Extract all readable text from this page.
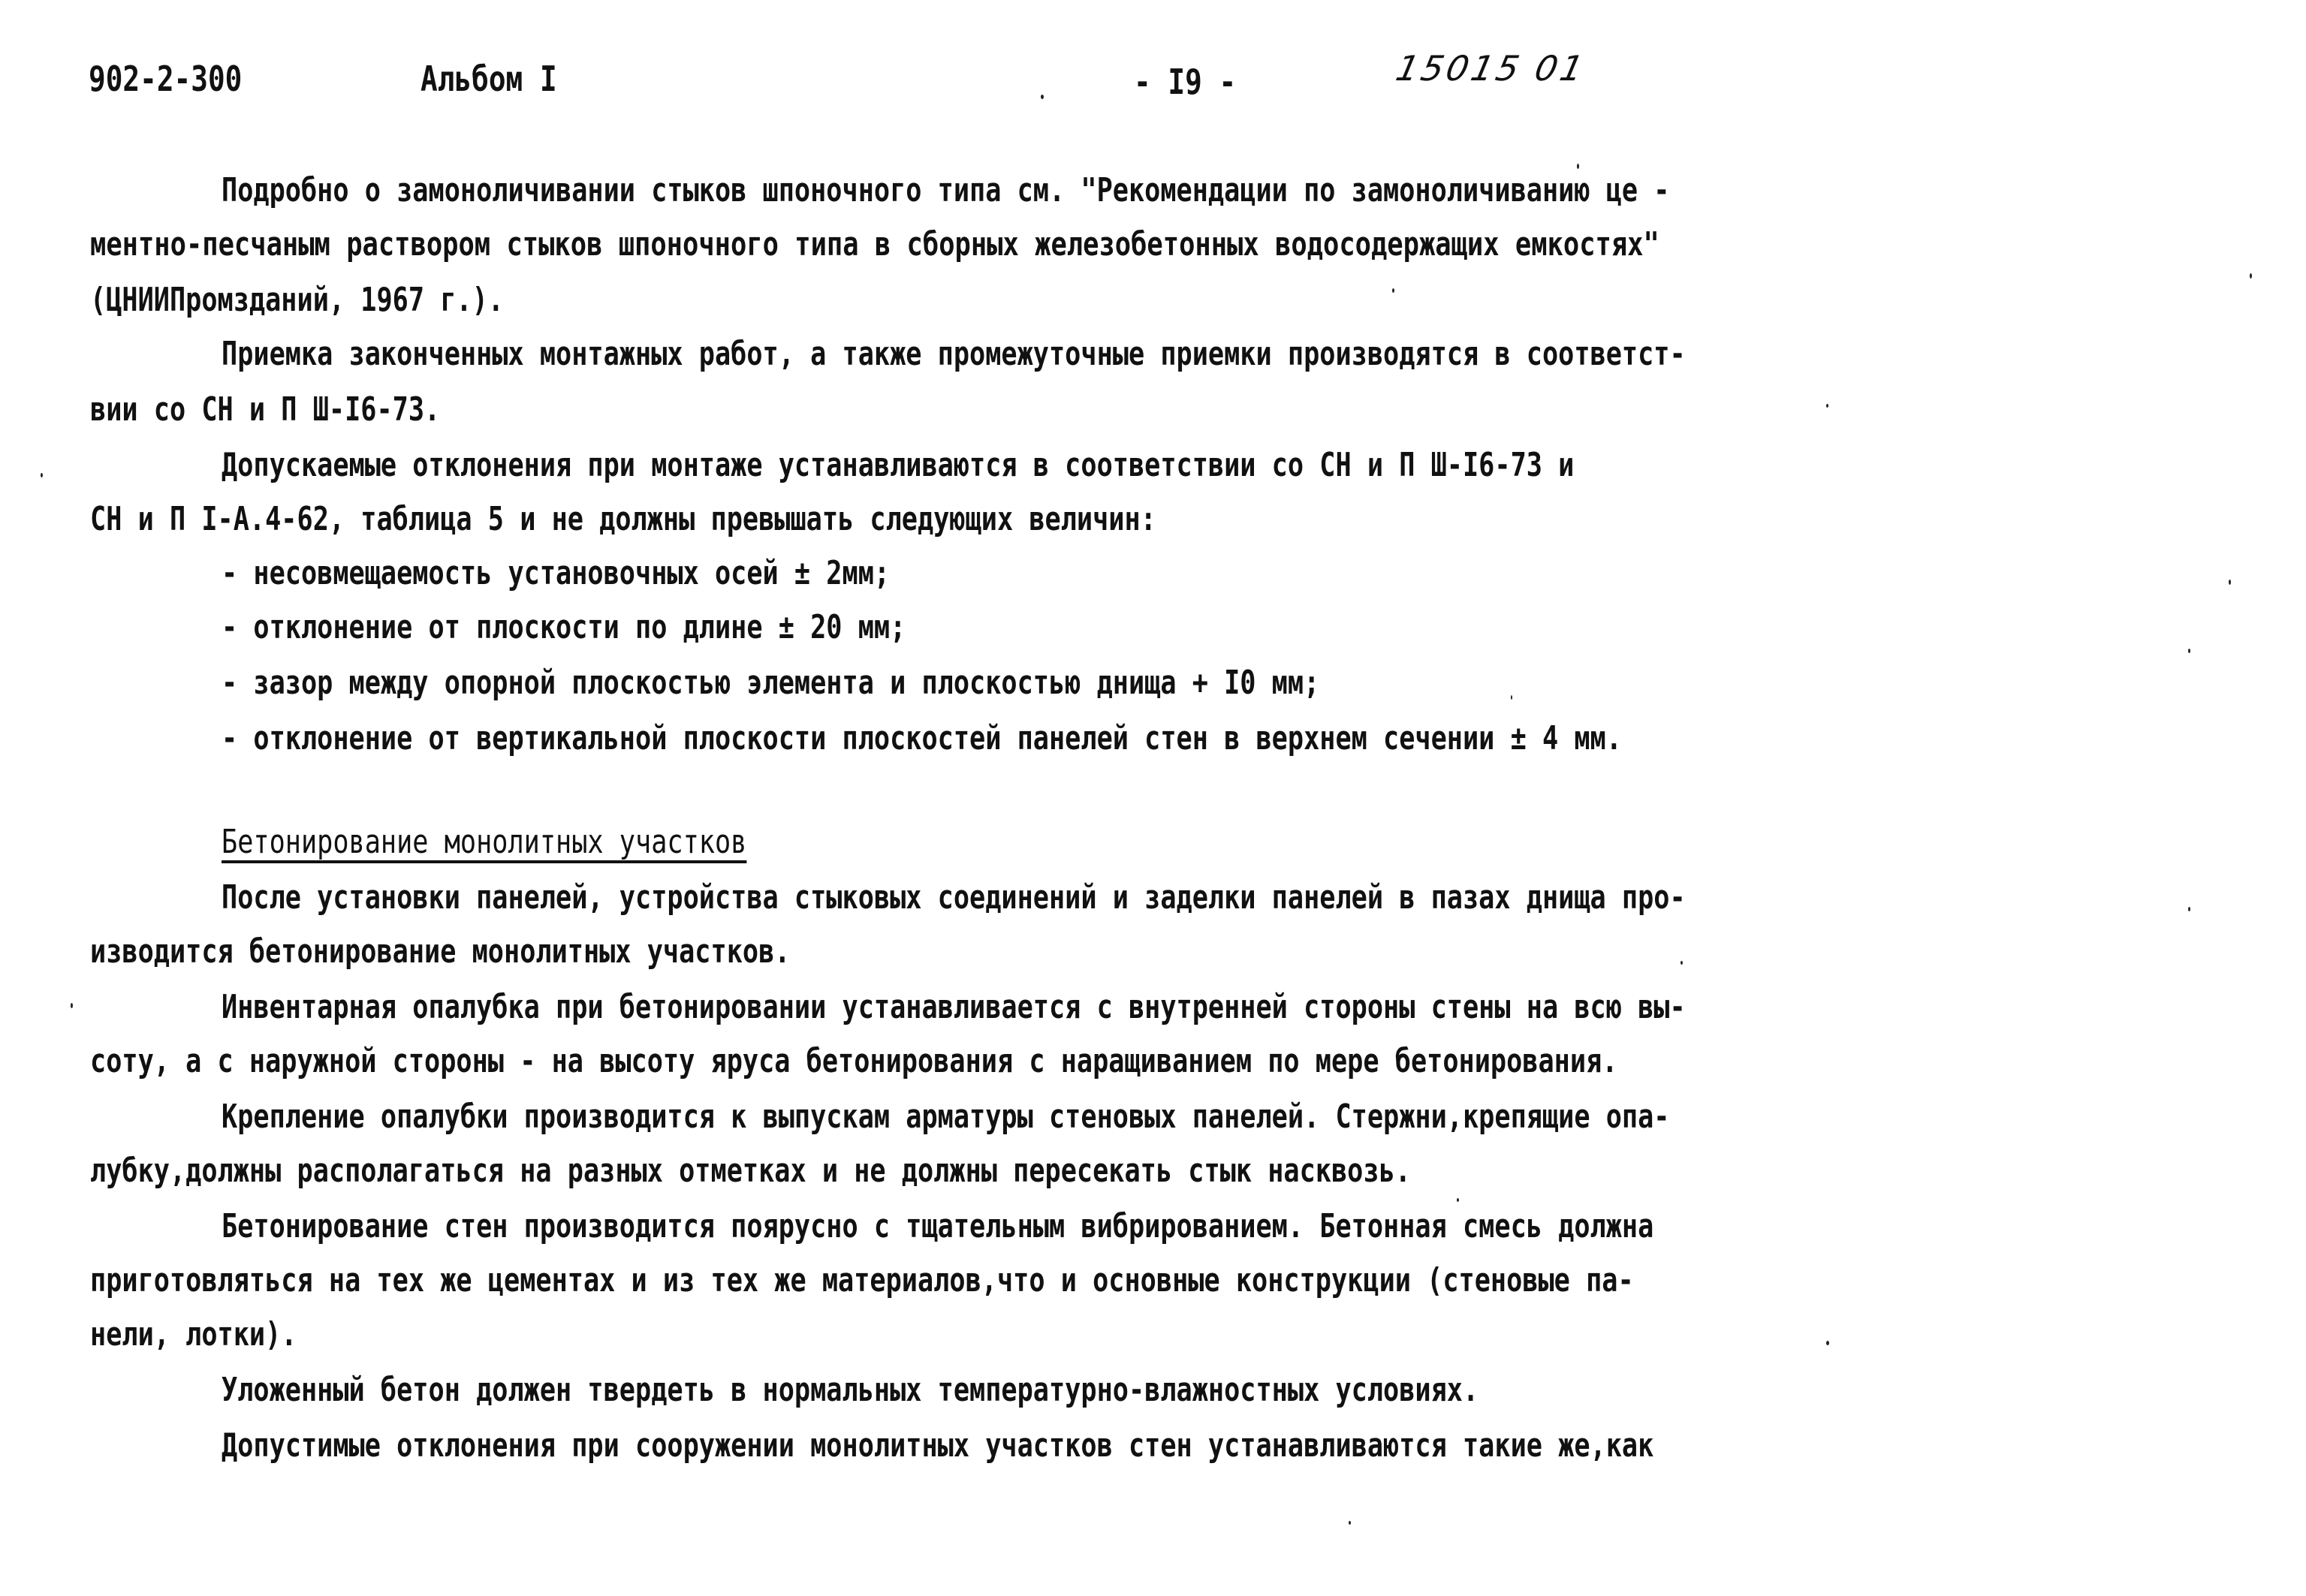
902-2-300	Альбом I	- I9 -	15015 01
Подробно о замоноличивании стыков шпоночного типа см. "Рекомендации по замоноличиванию це -
ментно-песчаным раствором стыков шпоночного типа в сборных железобетонных водосодержащих емкостях"
(ЦНИИПромзданий, 1967 г.).
Приемка законченных монтажных работ, а также промежуточные приемки производятся в соответст-
вии со СН и П Ш-I6-73.
Допускаемые отклонения при монтаже устанавливаются в соответствии со СН и П Ш-I6-73 и
СН и П I-А.4-62, таблица 5 и не должны превышать следующих величин:
- несовмещаемость установочных осей ± 2мм;
- отклонение от плоскости по длине ± 20 мм;
- зазор между опорной плоскостью элемента и плоскостью днища + I0 мм;
- отклонение от вертикальной плоскости плоскостей панелей стен в верхнем сечении ± 4 мм.
Бетонирование монолитных участков
После установки панелей, устройства стыковых соединений и заделки панелей в пазах днища про-
изводится бетонирование монолитных участков.
Инвентарная опалубка при бетонировании устанавливается с внутренней стороны стены на всю вы-
соту, а с наружной стороны - на высоту яруса бетонирования с наращиванием по мере бетонирования.
Крепление опалубки производится к выпускам арматуры стеновых панелей. Стержни,крепящие опа-
лубку,должны располагаться на разных отметках и не должны пересекать стык насквозь.
Бетонирование стен производится поярусно с тщательным вибрированием. Бетонная смесь должна
приготовляться на тех же цементах и из тех же материалов,что и основные конструкции (стеновые па-
нели, лотки).
Уложенный бетон должен твердеть в нормальных температурно-влажностных условиях.
Допустимые отклонения при сооружении монолитных участков стен устанавливаются такие же,как
